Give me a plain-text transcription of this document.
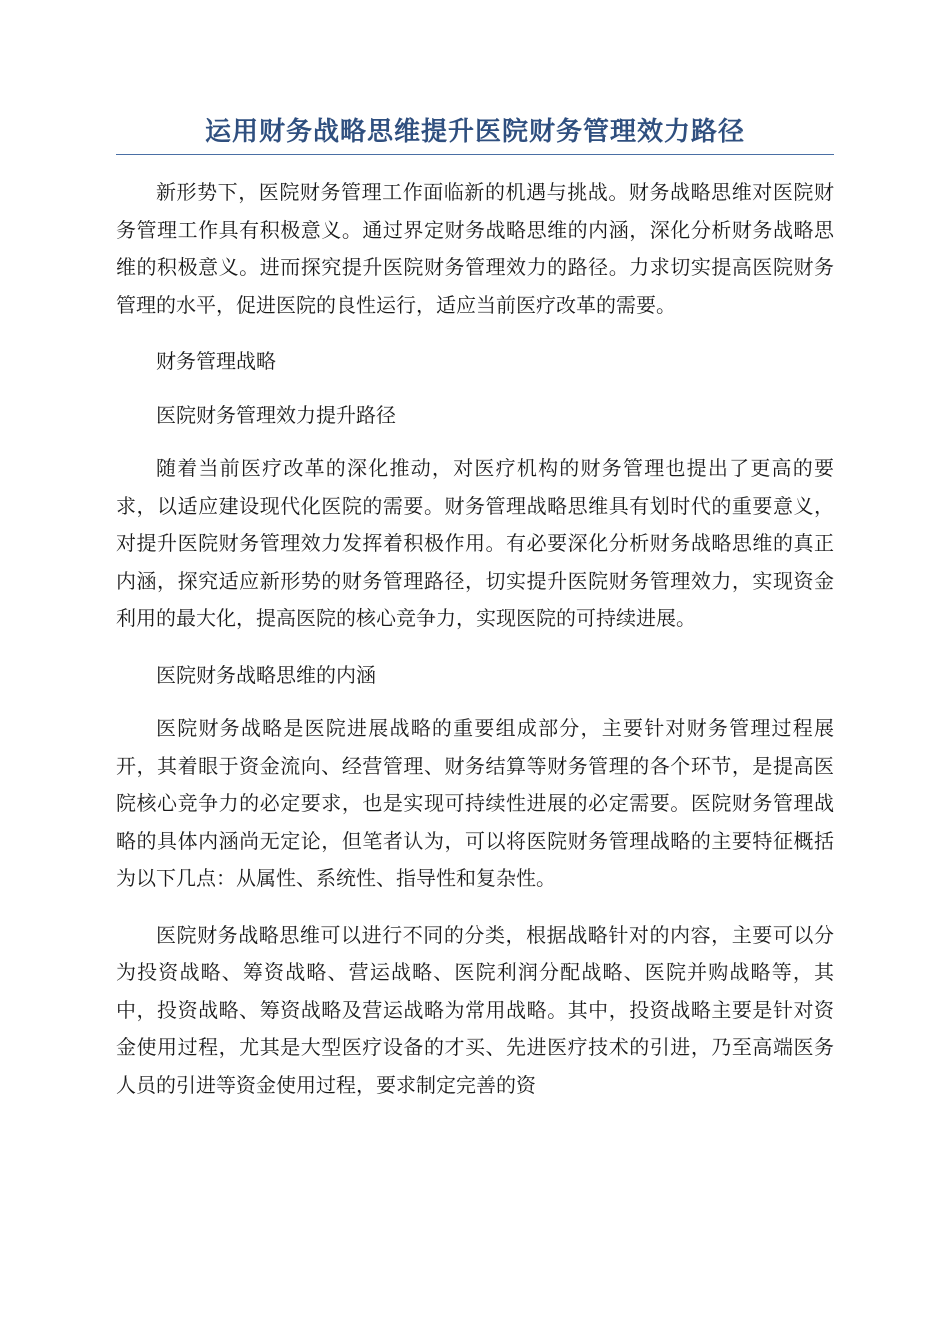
运用财务战略思维提升医院财务管理效力路径

新形势下，医院财务管理工作面临新的机遇与挑战。财务战略思维对医院财务管理工作具有积极意义。通过界定财务战略思维的内涵，深化分析财务战略思维的积极意义。进而探究提升医院财务管理效力的路径。力求切实提高医院财务管理的水平，促进医院的良性运行，适应当前医疗改革的需要。

财务管理战略

医院财务管理效力提升路径

随着当前医疗改革的深化推动，对医疗机构的财务管理也提出了更高的要求，以适应建设现代化医院的需要。财务管理战略思维具有划时代的重要意义，对提升医院财务管理效力发挥着积极作用。有必要深化分析财务战略思维的真正内涵，探究适应新形势的财务管理路径，切实提升医院财务管理效力，实现资金利用的最大化，提高医院的核心竞争力，实现医院的可持续进展。

医院财务战略思维的内涵

医院财务战略是医院进展战略的重要组成部分，主要针对财务管理过程展开，其着眼于资金流向、经营管理、财务结算等财务管理的各个环节，是提高医院核心竞争力的必定要求，也是实现可持续性进展的必定需要。医院财务管理战略的具体内涵尚无定论，但笔者认为，可以将医院财务管理战略的主要特征概括为以下几点：从属性、系统性、指导性和复杂性。

医院财务战略思维可以进行不同的分类，根据战略针对的内容，主要可以分为投资战略、筹资战略、营运战略、医院利润分配战略、医院并购战略等，其中，投资战略、筹资战略及营运战略为常用战略。其中，投资战略主要是针对资金使用过程，尤其是大型医疗设备的才买、先进医疗技术的引进，乃至高端医务人员的引进等资金使用过程，要求制定完善的资
